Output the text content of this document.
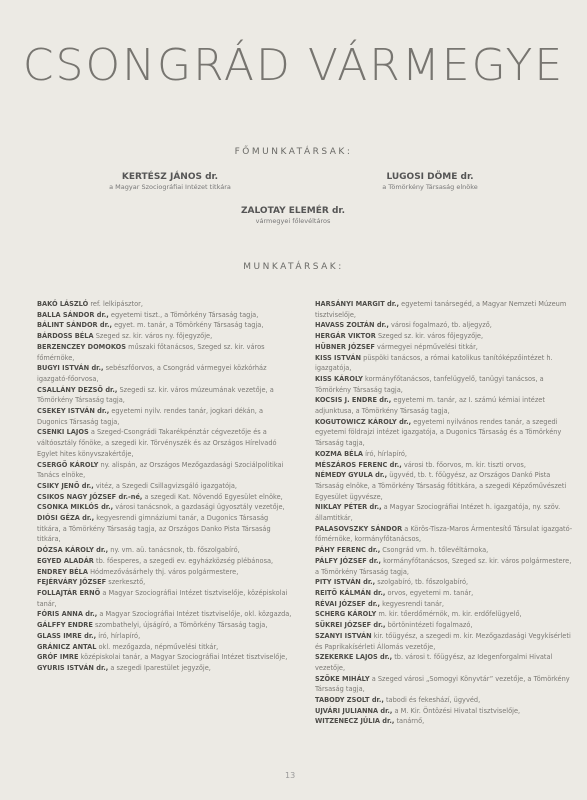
CSONGRÁD VÁRMEGYE
FŐMUNKATÁRSAK:
KERTÉSZ JÁNOS dr.
a Magyar Szociográfiai Intézet titkára
LUGOSI DÖME dr.
a Tömörkény Társaság elnöke
ZALOTAY ELEMÉR dr.
vármegyei főlevéltáros
MUNKATÁRSAK:

BAKÓ LÁSZLÓ ref. lelkipásztor,

BALLA SÁNDOR dr., egyetemi tiszt., a Tömörkény Társaság tagja,

BÁLINT SÁNDOR dr., egyet. m. tanár, a Tömörkény Társaság tagja,

BÁRDOSS BÉLA Szeged sz. kir. város ny. főjegyzője,

BERZENCZEY DOMOKOS műszaki főtanácsos, Szeged sz. kir. város főmérnöke,

BUGYI ISTVÁN dr., sebészfőorvos, a Csongrád vármegyei közkórház igazgató-főorvosa,

CSALLÁNY DEZSŐ dr., Szegedi sz. kir. város múzeumának vezetője, a Tömörkény Társaság tagja,

CSEKEY ISTVÁN dr., egyetemi nyilv. rendes tanár, jogkari dékán, a Dugonics Társaság tagja,

CSENKI LAJOS a Szeged-Csongrádi Takarékpénztár cégvezetője és a váltóosztály főnöke, a szegedi kir. Törvényszék és az Országos Hírelvadó Egylet hites könyvszakértője,

CSERGŐ KÁROLY ny. alispán, az Országos Mezőgazdasági Szociálpolitikai Tanács elnöke,

CSIKY JENŐ dr., vitéz, a Szegedi Csillagvizsgáló igazgatója,

CSIKOS NAGY JÓZSEF dr.-né, a szegedi Kat. Növendő Egyesület elnöke,

CSONKA MIKLÓS dr., városi tanácsnok, a gazdasági ügyosztály vezetője,

DIÓSI GÉZA dr., kegyesrendi gimnáziumi tanár, a Dugonics Társaság titkára, a Tömörkény Társaság tagja, az Országos Danko Pista Társaság titkára,

DÓZSA KÁROLY dr., ny. vm. aü. tanácsnok, tb. főszolgabíró,

EGYED ALADÁR tb. főesperes, a szegedi ev. egyházközség plébánosa,

ENDREY BÉLA Hódmezővásárhely thj. város polgármestere,

FEJÉRVÁRY JÓZSEF szerkesztő,

FOLLAJTÁR ERNŐ a Magyar Szociográfiai Intézet tisztviselője, középiskolai tanár,

FÓRIS ANNA dr., a Magyar Szociográfiai Intézet tisztviselője, okl. közgazda,

GÁLFFY ENDRE szombathelyi, újságíró, a Tömörkény Társaság tagja,

GLASS IMRE dr., író, hírlapíró,

GRÁNICZ ANTAL okl. mezőgazda, népművelési titkár,

GRÓF IMRE középiskolai tanár, a Magyar Szociográfiai Intézet tisztviselője,

GYURIS ISTVÁN dr., a szegedi Iparestület jegyzője,

HARSÁNYI MARGIT dr., egyetemi tanársegéd, a Magyar Nemzeti Múzeum tisztviselője,

HAVASS ZOLTÁN dr., városi fogalmazó, tb. aljegyző,

HERGÁR VIKTOR Szeged sz. kir. város főjegyzője,

HÜBNER JÓZSEF vármegyei népművelési titkár,

KISS ISTVÁN püspöki tanácsos, a római katolikus tanítóképzőintézet h. igazgatója,

KISS KÁROLY kormányfőtanácsos, tanfelügyelő, tanügyi tanácsos, a Tömörkény Társaság tagja,

KOCSIS J. ENDRE dr., egyetemi m. tanár, az I. számú kémiai intézet adjunktusa, a Tömörkény Társaság tagja,

KOGUTOWICZ KÁROLY dr., egyetemi nyilvános rendes tanár, a szegedi egyetemi földrajzi intézet igazgatója, a Dugonics Társaság és a Tömörkény Társaság tagja,

KOZMA BÉLA író, hírlapíró,

MÉSZÁROS FERENC dr., városi tb. főorvos, m. kir. tiszti orvos,

NÉMEDY GYULA dr., ügyvéd, tb. t. főügyész, az Országos Dankó Pista Társaság elnöke, a Tömörkény Társaság főtitkára, a szegedi Képzőművészeti Egyesület ügyvésze,

NIKLAY PÉTER dr., a Magyar Szociográfiai Intézet h. igazgatója, ny. szöv. államtitkár,

PALASOVSZKY SÁNDOR a Körös-Tisza-Maros Ármentesítő Társulat igazgató-főmérnöke, kormányfőtanácsos,

PÁHY FERENC dr., Csongrád vm. h. tőlevéltárnoka,

PÁLFY JÓZSEF dr., kormányfőtanácsos, Szeged sz. kir. város polgármestere, a Tömörkény Társaság tagja,

PITY ISTVÁN dr., szolgabíró, tb. főszolgabíró,

REITŐ KÁLMÁN dr., orvos, egyetemi m. tanár,

RÉVAI JÓZSEF dr., kegyesrendi tanár,

SCHERG KÁROLY m. kir. tőerdőmérnök, m. kir. erdőfelügyelő,

SÜKREI JÓZSEF dr., börtönintézeti fogalmazó,

SZANYI ISTVÁN kir. tőügyész, a szegedi m. kir. Mezőgazdasági Vegykísérleti és Paprikakísérleti Állomás vezetője,

SZEKERKE LAJOS dr., tb. városi t. főügyész, az Idegenforgalmi Hivatal vezetője,

SZŐKE MIHÁLY a Szeged városi „Somogyi Könyvtár” vezetője, a Tömörkény Társaság tagja,

TABODY ZSOLT dr., tabodi és fekeshází, ügyvéd,

UJVÁRI JULIANNA dr., a M. Kir. Öntözési Hivatal tisztviselője,

WITZENECZ JÚLIA dr., tanárnő,

13
